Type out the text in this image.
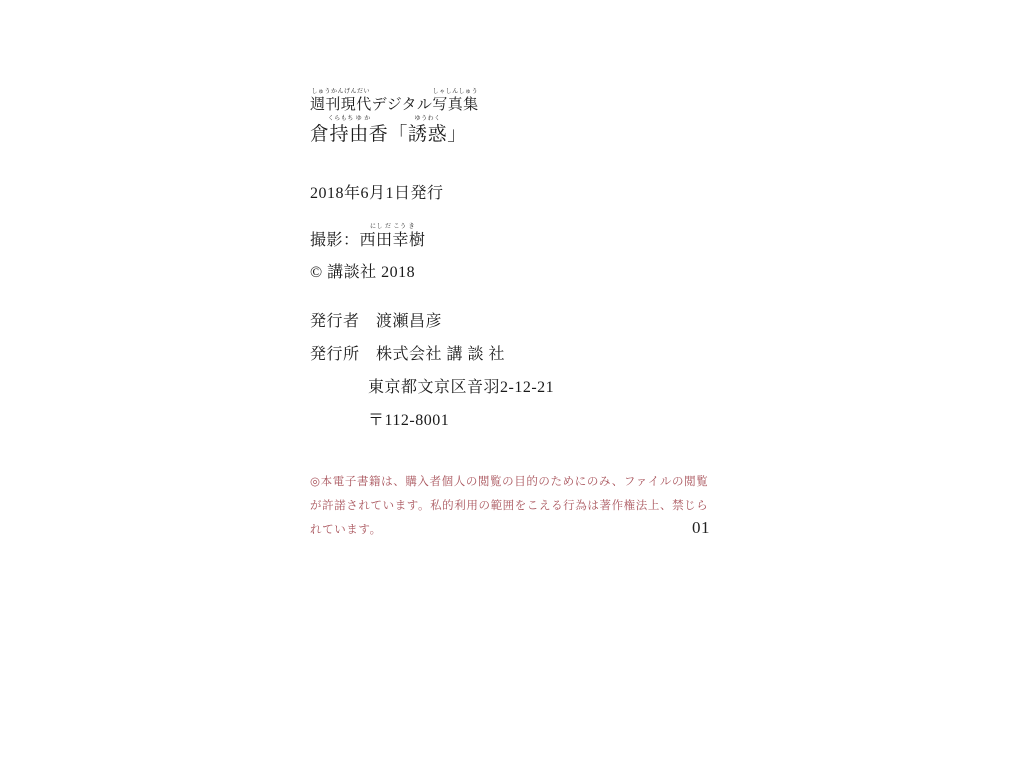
しゅうかんげんだい
週刊現代デジタル
しゃしんしゅう
写真集
くらもち ゆ か
倉持由香「
ゆうわく
誘惑」
2018年6月1日発行
撮影：
にし だ こう き
西田幸樹
© 講談社 2018
発行者　渡瀬昌彦
発行所　株式会社 講 談 社
東京都文京区音羽2-12-21
〒112-8001
◎本電子書籍は、購入者個人の閲覧の目的のためにのみ、ファイルの閲覧が許諾されています。私的利用の範囲をこえる行為は著作権法上、禁じられています。	01
